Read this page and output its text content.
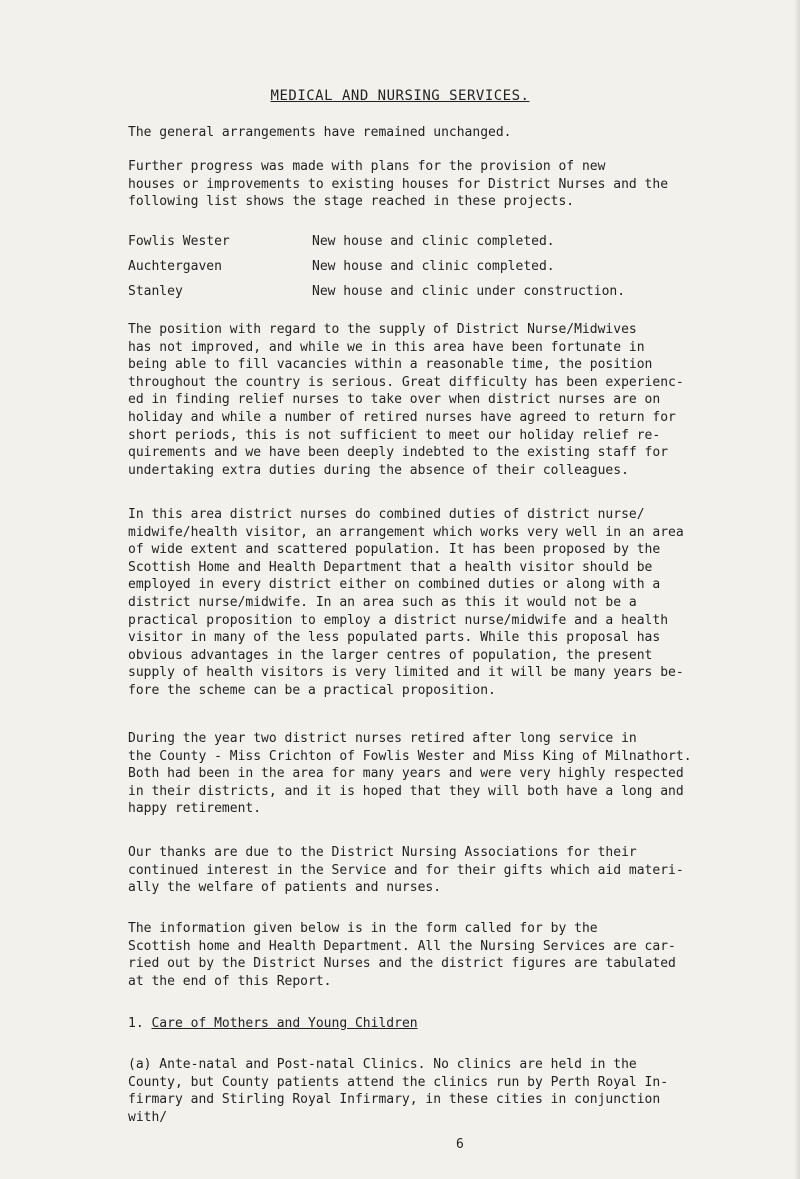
MEDICAL AND NURSING SERVICES.

The general arrangements have remained unchanged.

Further progress was made with plans for the provision of new
houses or improvements to existing houses for District Nurses and the
following list shows the stage reached in these projects.

Fowlis Wester	New house and clinic completed.
Auchtergaven	New house and clinic completed.
Stanley	New house and clinic under construction.

The position with regard to the supply of District Nurse/Midwives
has not improved, and while we in this area have been fortunate in
being able to fill vacancies within a reasonable time, the position
throughout the country is serious. Great difficulty has been experienc-
ed in finding relief nurses to take over when district nurses are on
holiday and while a number of retired nurses have agreed to return for
short periods, this is not sufficient to meet our holiday relief re-
quirements and we have been deeply indebted to the existing staff for
undertaking extra duties during the absence of their colleagues.

In this area district nurses do combined duties of district nurse/
midwife/health visitor, an arrangement which works very well in an area
of wide extent and scattered population. It has been proposed by the
Scottish Home and Health Department that a health visitor should be
employed in every district either on combined duties or along with a
district nurse/midwife. In an area such as this it would not be a
practical proposition to employ a district nurse/midwife and a health
visitor in many of the less populated parts. While this proposal has
obvious advantages in the larger centres of population, the present
supply of health visitors is very limited and it will be many years be-
fore the scheme can be a practical proposition.

During the year two district nurses retired after long service in
the County - Miss Crichton of Fowlis Wester and Miss King of Milnathort.
Both had been in the area for many years and were very highly respected
in their districts, and it is hoped that they will both have a long and
happy retirement.

Our thanks are due to the District Nursing Associations for their
continued interest in the Service and for their gifts which aid materi-
ally the welfare of patients and nurses.

The information given below is in the form called for by the
Scottish home and Health Department. All the Nursing Services are car-
ried out by the District Nurses and the district figures are tabulated
at the end of this Report.

1. Care of Mothers and Young Children

(a) Ante-natal and Post-natal Clinics. No clinics are held in the
County, but County patients attend the clinics run by Perth Royal In-
firmary and Stirling Royal Infirmary, in these cities in conjunction
with/

6
